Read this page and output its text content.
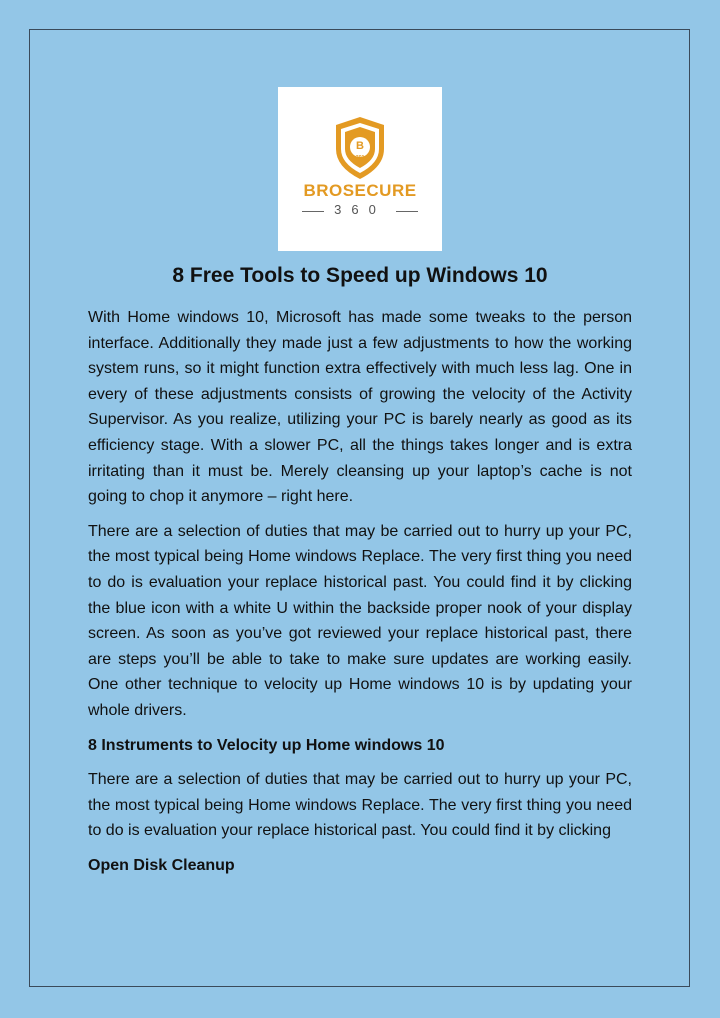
B
360
BROSECURE
360
8 Free Tools to Speed up Windows 10

With Home windows 10, Microsoft has made some tweaks to the person interface. Additionally they made just a few adjustments to how the working system runs, so it might function extra effectively with much less lag. One in every of these adjustments consists of growing the velocity of the Activity Supervisor. As you realize, utilizing your PC is barely nearly as good as its efficiency stage. With a slower PC, all the things takes longer and is extra irritating than it must be. Merely cleansing up your laptop’s cache is not going to chop it anymore – right here.

There are a selection of duties that may be carried out to hurry up your PC, the most typical being Home windows Replace. The very first thing you need to do is evaluation your replace historical past. You could find it by clicking the blue icon with a white U within the backside proper nook of your display screen. As soon as you’ve got reviewed your replace historical past, there are steps you’ll be able to take to make sure updates are working easily. One other technique to velocity up Home windows 10 is by updating your whole drivers.

8 Instruments to Velocity up Home windows 10

There are a selection of duties that may be carried out to hurry up your PC, the most typical being Home windows Replace. The very first thing you need to do is evaluation your replace historical past. You could find it by clicking

Open Disk Cleanup
